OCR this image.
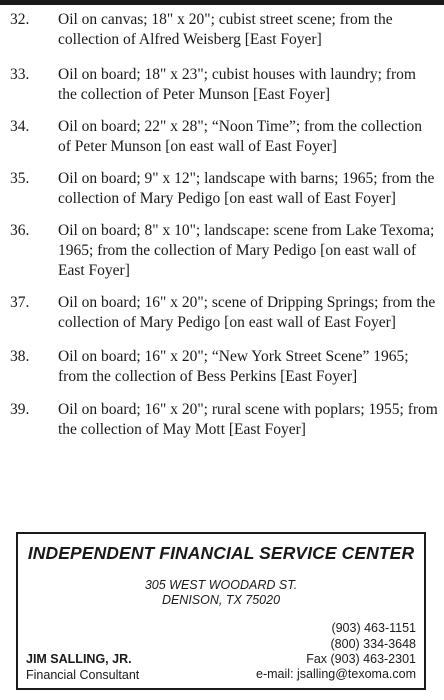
32. Oil on canvas; 18" x 20"; cubist street scene; from the collection of Alfred Weisberg [East Foyer]
33. Oil on board; 18" x 23"; cubist houses with laundry; from the collection of Peter Munson [East Foyer]
34. Oil on board; 22" x 28"; “Noon Time”; from the collection of Peter Munson [on east wall of East Foyer]
35. Oil on board; 9" x 12"; landscape with barns; 1965; from the collection of Mary Pedigo [on east wall of East Foyer]
36. Oil on board; 8" x 10"; landscape: scene from Lake Texoma; 1965; from the collection of Mary Pedigo [on east wall of East Foyer]
37. Oil on board; 16" x 20"; scene of Dripping Springs; from the collection of Mary Pedigo [on east wall of East Foyer]
38. Oil on board; 16" x 20"; “New York Street Scene” 1965; from the collection of Bess Perkins [East Foyer]
39. Oil on board; 16" x 20"; rural scene with poplars; 1955; from the collection of May Mott [East Foyer]
INDEPENDENT FINANCIAL SERVICE CENTER
305 WEST WOODARD ST.
DENISON, TX 75020
(903) 463-1151
(800) 334-3648
Fax (903) 463-2301
JIM SALLING, JR.
Financial Consultant	e-mail: jsalling@texoma.com
